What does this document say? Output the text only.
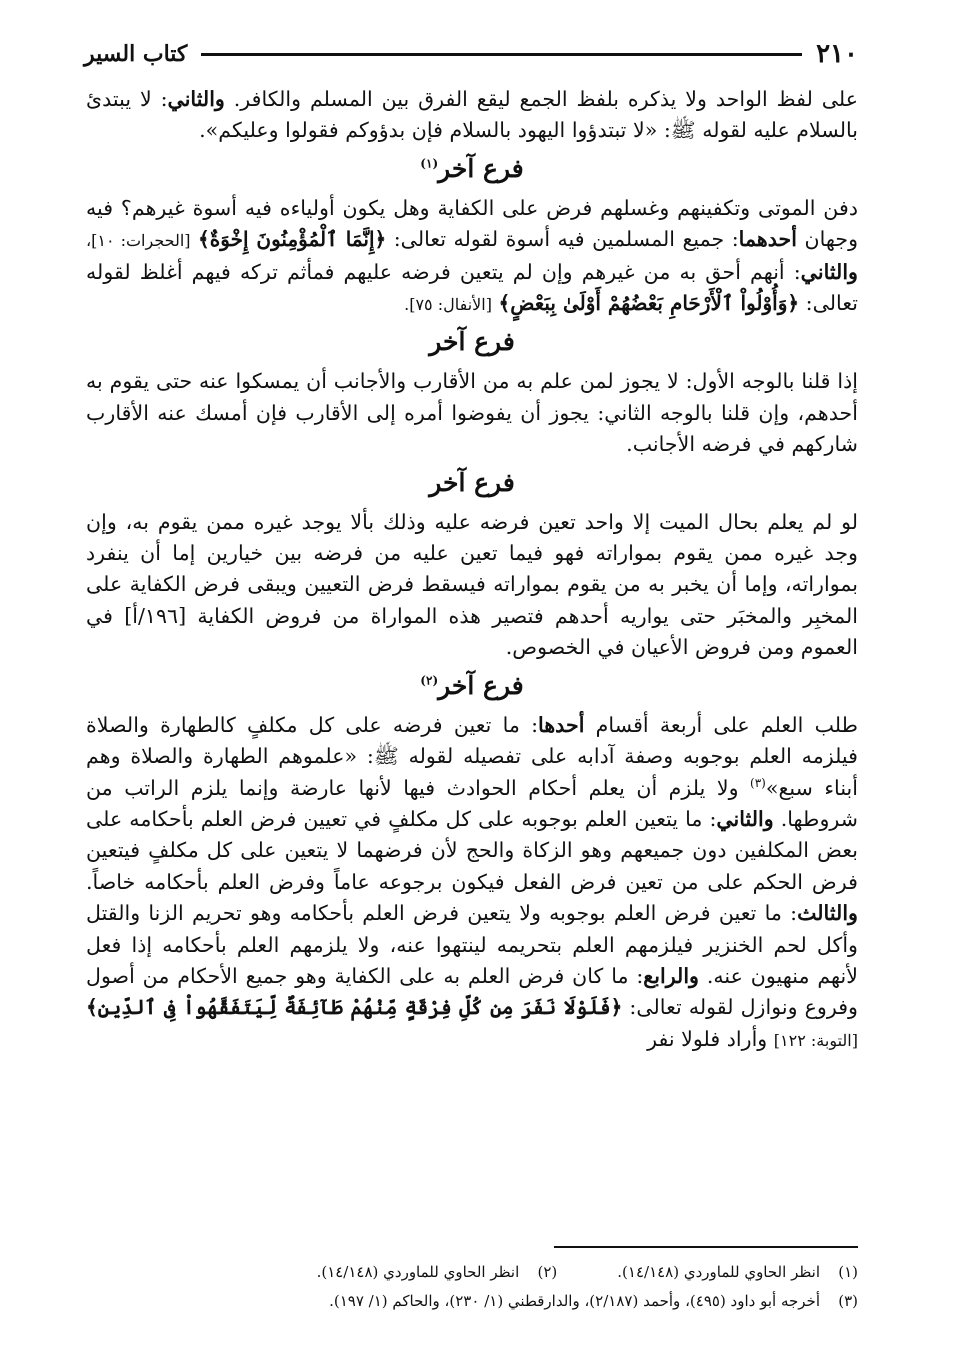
٢١٠
كتاب السير

على لفظ الواحد ولا يذكره بلفظ الجمع ليقع الفرق بين المسلم والكافر. والثاني: لا يبتدئ بالسلام عليه لقوله ﷺ: «لا تبتدؤوا اليهود بالسلام فإن بدؤوكم فقولوا وعليكم».

فرع آخر$^{(١)}$

دفن الموتى وتكفينهم وغسلهم فرض على الكفاية وهل يكون أولياءه فيه أسوة غيرهم؟ فيه وجهان أحدهما: جميع المسلمين فيه أسوة لقوله تعالى: ﴿إِنَّمَا ٱلْمُؤْمِنُونَ إِخْوَةٌ﴾ [الحجرات: ١٠]، والثاني: أنهم أحق به من غيرهم وإن لم يتعين فرضه عليهم فمأثم تركه فيهم أغلظ لقوله تعالى: ﴿وَأُوْلُواْ ٱلْأَرْحَامِ بَعْضُهُمْ أَوْلَىٰ بِبَعْضٍ﴾ [الأنفال: ٧٥].

فرع آخر

إذا قلنا بالوجه الأول: لا يجوز لمن علم به من الأقارب والأجانب أن يمسكوا عنه حتى يقوم به أحدهم، وإن قلنا بالوجه الثاني: يجوز أن يفوضوا أمره إلى الأقارب فإن أمسك عنه الأقارب شاركهم في فرضه الأجانب.

فرع آخر

لو لم يعلم بحال الميت إلا واحد تعين فرضه عليه وذلك بألا يوجد غيره ممن يقوم به، وإن وجد غيره ممن يقوم بمواراته فهو فيما تعين عليه من فرضه بين خيارين إما أن ينفرد بمواراته، وإما أن يخبر به من يقوم بمواراته فيسقط فرض التعيين ويبقى فرض الكفاية على المخبِر والمخبَر حتى يواريه أحدهم فتصير هذه المواراة من فروض الكفاية [١٩٦/أ] في العموم ومن فروض الأعيان في الخصوص.

فرع آخر$^{(٢)}$

طلب العلم على أربعة أقسام أحدها: ما تعين فرضه على كل مكلفٍ كالطهارة والصلاة فيلزمه العلم بوجوبه وصفة آدابه على تفصيله لقوله ﷺ: «علموهم الطهارة والصلاة وهم أبناء سبع»$^{(٣)}$ ولا يلزم أن يعلم أحكام الحوادث فيها لأنها عارضة وإنما يلزم الراتب من شروطها. والثاني: ما يتعين العلم بوجوبه على كل مكلفٍ في تعيين فرض العلم بأحكامه على بعض المكلفين دون جميعهم وهو الزكاة والحج لأن فرضهما لا يتعين على كل مكلفٍ فيتعين فرض الحكم على من تعين فرض الفعل فيكون برجوعه عاماً وفرض العلم بأحكامه خاصاً. والثالث: ما تعين فرض العلم بوجوبه ولا يتعين فرض العلم بأحكامه وهو تحريم الزنا والقتل وأكل لحم الخنزير فيلزمهم العلم بتحريمه لينتهوا عنه، ولا يلزمهم العلم بأحكامه إذا فعل لأنهم منهيون عنه. والرابع: ما كان فرض العلم به على الكفاية وهو جميع الأحكام من أصول وفروع ونوازل لقوله تعالى: ﴿فَلَوْلَا نَفَرَ مِن كُلِّ فِرْقَةٍ مِّنْهُمْ طَآئِفَةٌ لِّيَتَفَقَّهُواْ فِى ٱلدِّينِ﴾ [التوبة: ١٢٢] وأراد فلولا نفر

(١)
انظر الحاوي للماوردي (١٤/١٤٨).
(٢)
انظر الحاوي للماوردي (١٤/١٤٨).
(٣)
أخرجه أبو داود (٤٩٥)، وأحمد (٢/١٨٧)، والدارقطني (١/ ٢٣٠)، والحاكم (١/ ١٩٧).
